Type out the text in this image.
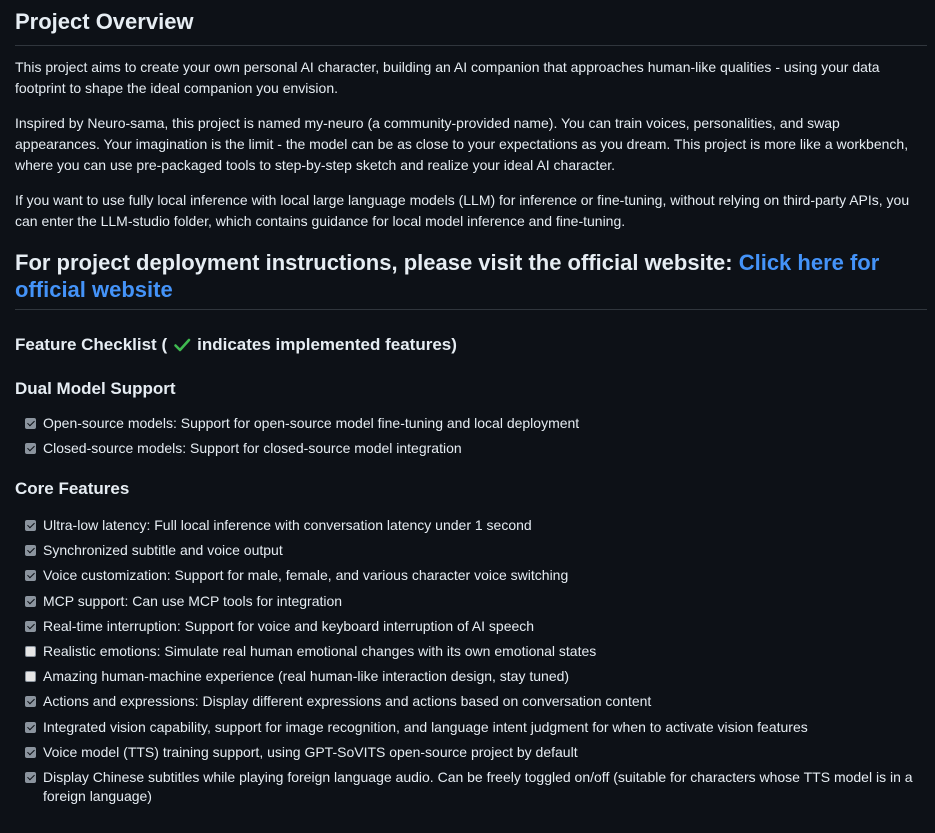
Project Overview

This project aims to create your own personal AI character, building an AI companion that approaches human-like qualities - using your data footprint to shape the ideal companion you envision.

Inspired by Neuro-sama, this project is named my-neuro (a community-provided name). You can train voices, personalities, and swap appearances. Your imagination is the limit - the model can be as close to your expectations as you dream. This project is more like a workbench, where you can use pre-packaged tools to step-by-step sketch and realize your ideal AI character.

If you want to use fully local inference with local large language models (LLM) for inference or fine-tuning, without relying on third-party APIs, you can enter the LLM-studio folder, which contains guidance for local model inference and fine-tuning.

For project deployment instructions, please visit the official website: Click here for official website
Feature Checklist ( indicates implemented features)
Dual Model Support
Open-source models: Support for open-source model fine-tuning and local deployment
Closed-source models: Support for closed-source model integration
Core Features
Ultra-low latency: Full local inference with conversation latency under 1 second
Synchronized subtitle and voice output
Voice customization: Support for male, female, and various character voice switching
MCP support: Can use MCP tools for integration
Real-time interruption: Support for voice and keyboard interruption of AI speech
Realistic emotions: Simulate real human emotional changes with its own emotional states
Amazing human-machine experience (real human-like interaction design, stay tuned)
Actions and expressions: Display different expressions and actions based on conversation content
Integrated vision capability, support for image recognition, and language intent judgment for when to activate vision features
Voice model (TTS) training support, using GPT-SoVITS open-source project by default
Display Chinese subtitles while playing foreign language audio. Can be freely toggled on/off (suitable for characters whose TTS model is in a foreign language)
